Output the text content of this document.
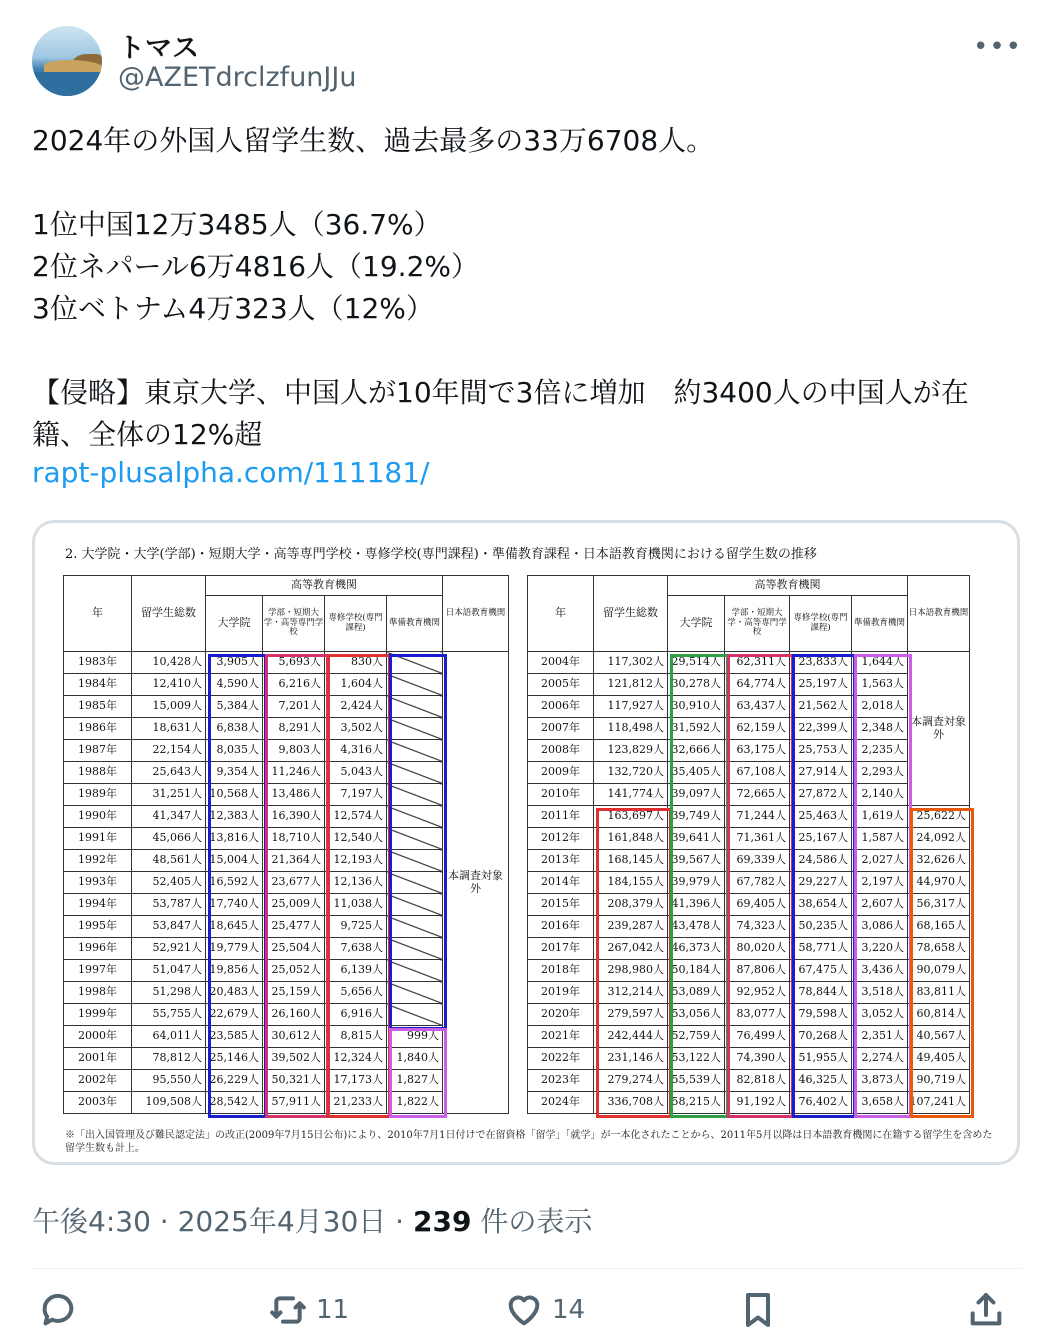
トマス
@AZETdrclzfunJJu
•••
2024年の外国人留学生数、過去最多の33万6708人。

1位中国12万3485人（36.7%）
2位ネパール6万4816人（19.2%）
3位ベトナム4万323人（12%）

【侵略】東京大学、中国人が10年間で3倍に増加　約3400人の中国人が在籍、全体の12%超
rapt-plusalpha.com/111181/
2. 大学院・大学(学部)・短期大学・高等専門学校・専修学校(専門課程)・準備教育課程・日本語教育機関における留学生数の推移
年	留学生総数	高等教育機関				日本語教育機関
		大学院	学部・短期大学・高等専門学校	専修学校(専門課程)	準備教育機関	
1983年	10,428人	3,905人	5,693人	830人		本調査対象外
1984年	12,410人	4,590人	6,216人	1,604人		
1985年	15,009人	5,384人	7,201人	2,424人		
1986年	18,631人	6,838人	8,291人	3,502人		
1987年	22,154人	8,035人	9,803人	4,316人		
1988年	25,643人	9,354人	11,246人	5,043人		
1989年	31,251人	10,568人	13,486人	7,197人		
1990年	41,347人	12,383人	16,390人	12,574人		
1991年	45,066人	13,816人	18,710人	12,540人		
1992年	48,561人	15,004人	21,364人	12,193人		
1993年	52,405人	16,592人	23,677人	12,136人		
1994年	53,787人	17,740人	25,009人	11,038人		
1995年	53,847人	18,645人	25,477人	9,725人		
1996年	52,921人	19,779人	25,504人	7,638人		
1997年	51,047人	19,856人	25,052人	6,139人		
1998年	51,298人	20,483人	25,159人	5,656人		
1999年	55,755人	22,679人	26,160人	6,916人		
2000年	64,011人	23,585人	30,612人	8,815人	999人	
2001年	78,812人	25,146人	39,502人	12,324人	1,840人	
2002年	95,550人	26,229人	50,321人	17,173人	1,827人	
2003年	109,508人	28,542人	57,911人	21,233人	1,822人	
年	留学生総数	高等教育機関				日本語教育機関
		大学院	学部・短期大学・高等専門学校	専修学校(専門課程)	準備教育機関	
2004年	117,302人	29,514人	62,311人	23,833人	1,644人	本調査対象外
2005年	121,812人	30,278人	64,774人	25,197人	1,563人	
2006年	117,927人	30,910人	63,437人	21,562人	2,018人	
2007年	118,498人	31,592人	62,159人	22,399人	2,348人	
2008年	123,829人	32,666人	63,175人	25,753人	2,235人	
2009年	132,720人	35,405人	67,108人	27,914人	2,293人	
2010年	141,774人	39,097人	72,665人	27,872人	2,140人	
2011年	163,697人	39,749人	71,244人	25,463人	1,619人	25,622人
2012年	161,848人	39,641人	71,361人	25,167人	1,587人	24,092人
2013年	168,145人	39,567人	69,339人	24,586人	2,027人	32,626人
2014年	184,155人	39,979人	67,782人	29,227人	2,197人	44,970人
2015年	208,379人	41,396人	69,405人	38,654人	2,607人	56,317人
2016年	239,287人	43,478人	74,323人	50,235人	3,086人	68,165人
2017年	267,042人	46,373人	80,020人	58,771人	3,220人	78,658人
2018年	298,980人	50,184人	87,806人	67,475人	3,436人	90,079人
2019年	312,214人	53,089人	92,952人	78,844人	3,518人	83,811人
2020年	279,597人	53,056人	83,077人	79,598人	3,052人	60,814人
2021年	242,444人	52,759人	76,499人	70,268人	2,351人	40,567人
2022年	231,146人	53,122人	74,390人	51,955人	2,274人	49,405人
2023年	279,274人	55,539人	82,818人	46,325人	3,873人	90,719人
2024年	336,708人	58,215人	91,192人	76,402人	3,658人	107,241人
※「出入国管理及び難民認定法」の改正(2009年7月15日公布)により、2010年7月1日付けで在留資格「留学」「就学」が一本化されたことから、2011年5月以降は日本語教育機関に在籍する留学生を含めた留学生数も計上。
午後4:30 · 2025年4月30日 · 239 件の表示
11	14
